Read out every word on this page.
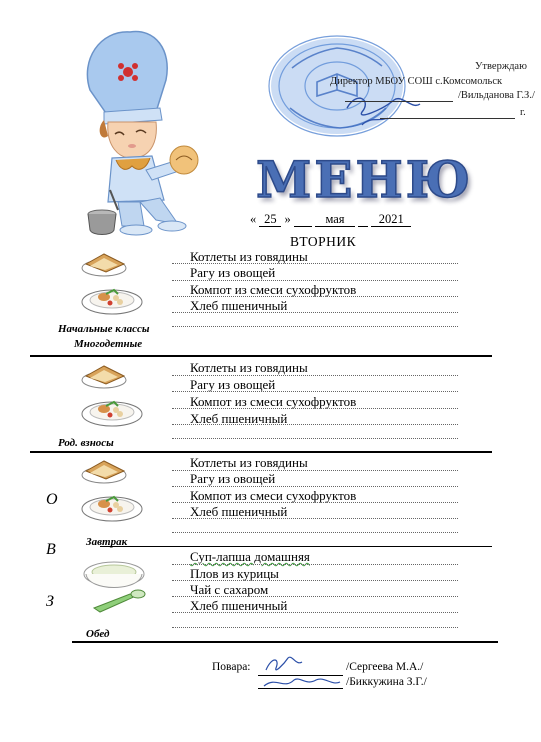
Утверждаю
Директор МБОУ СОШ с.Комсомольск
/Вильданова Г.З./
г.
МЕНЮ
« 25 »	мая	2021
ВТОРНИК
Котлеты из говядины
Рагу из овощей
Компот из смеси сухофруктов
Хлеб пшеничный
Начальные классы
Многодетные
Котлеты из говядины
Рагу из овощей
Компот из смеси сухофруктов
Хлеб пшеничный
Род. взносы
Котлеты из говядины
Рагу из овощей
Компот из смеси сухофруктов
Хлеб пшеничный
Завтрак
Суп-лапша домашняя
Плов из курицы
Чай с сахаром
Хлеб пшеничный
Обед
О
В
З
Повара:	/Сергеева М.А./
/Биккужина З.Г./
